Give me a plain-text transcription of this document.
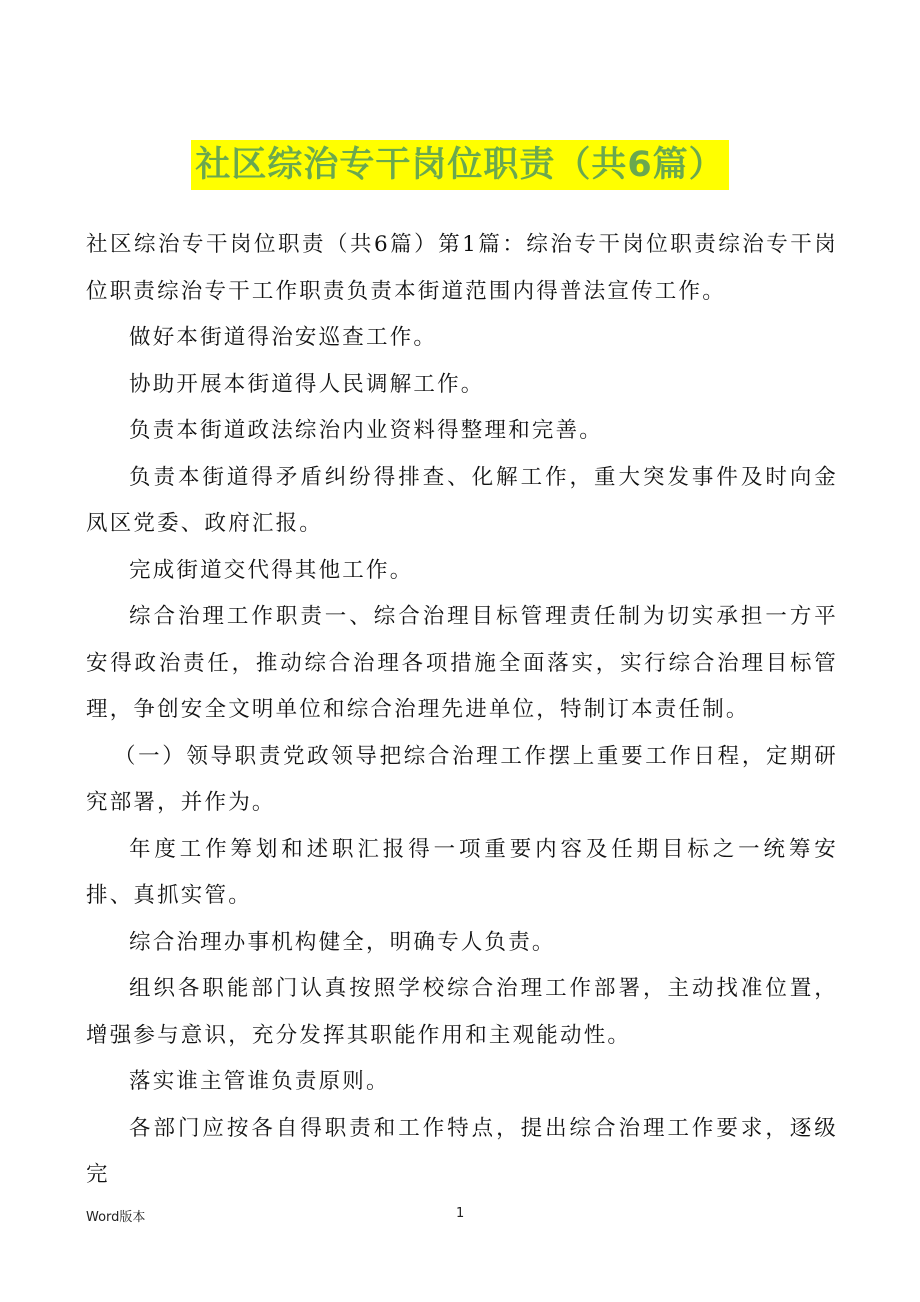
社区综治专干岗位职责（共6篇）

社区综治专干岗位职责（共6篇）第1篇：综治专干岗位职责综治专干岗位职责综治专干工作职责负责本街道范围内得普法宣传工作。

做好本街道得治安巡查工作。

协助开展本街道得人民调解工作。

负责本街道政法综治内业资料得整理和完善。

负责本街道得矛盾纠纷得排查、化解工作，重大突发事件及时向金凤区党委、政府汇报。

完成街道交代得其他工作。

综合治理工作职责一、综合治理目标管理责任制为切实承担一方平安得政治责任，推动综合治理各项措施全面落实，实行综合治理目标管理，争创安全文明单位和综合治理先进单位，特制订本责任制。

（一）领导职责党政领导把综合治理工作摆上重要工作日程，定期研究部署，并作为。

年度工作筹划和述职汇报得一项重要内容及任期目标之一统筹安排、真抓实管。

综合治理办事机构健全，明确专人负责。

组织各职能部门认真按照学校综合治理工作部署，主动找准位置，增强参与意识，充分发挥其职能作用和主观能动性。

落实谁主管谁负责原则。

各部门应按各自得职责和工作特点，提出综合治理工作要求，逐级完

Word版本	1
